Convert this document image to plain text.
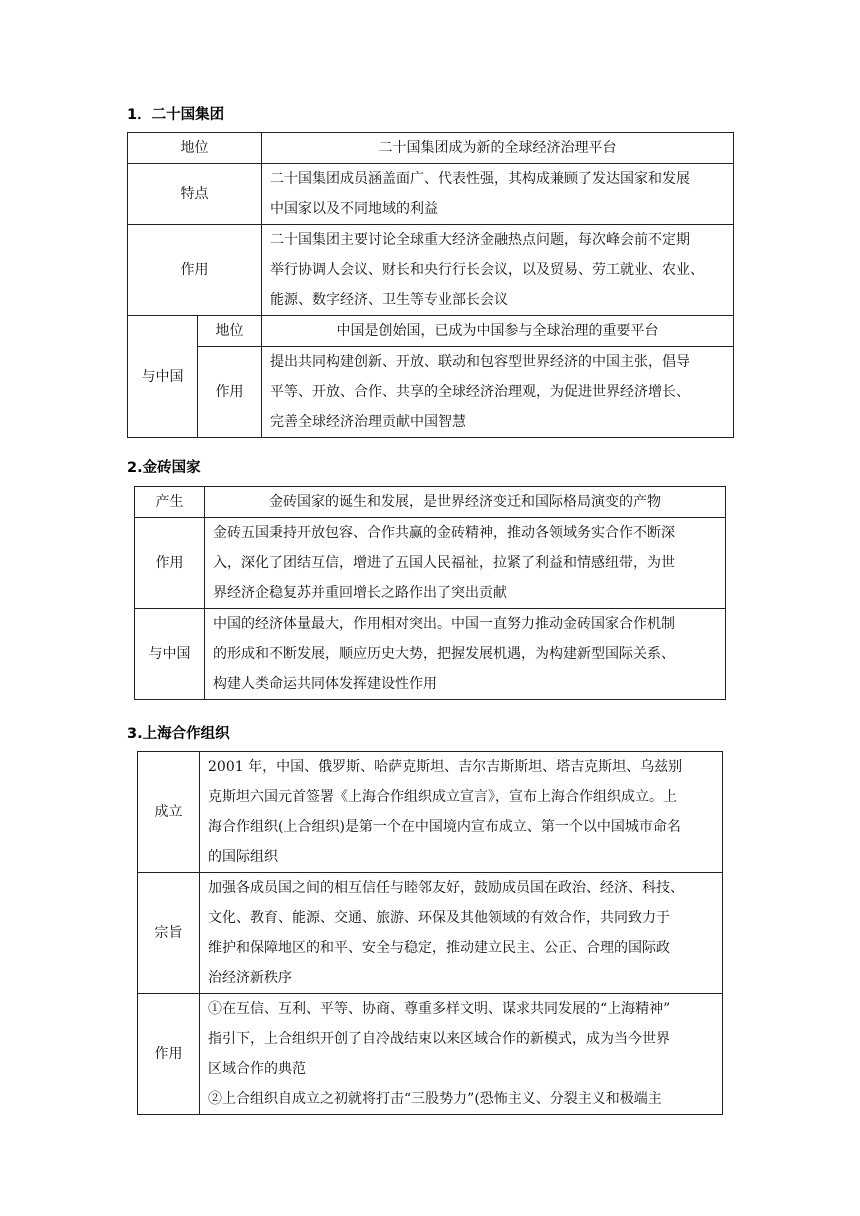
1．二十国集团
地位		二十国集团成为新的全球经济治理平台
特点		二十国集团成员涵盖面广、代表性强，其构成兼顾了发达国家和发展
中国家以及不同地域的利益

作用		二十国集团主要讨论全球重大经济金融热点问题，每次峰会前不定期
举行协调人会议、财长和央行行长会议，以及贸易、劳工就业、农业、
能源、数字经济、卫生等专业部长会议

与中国	地位	中国是创始国，已成为中国参与全球治理的重要平台
	作用	提出共同构建创新、开放、联动和包容型世界经济的中国主张，倡导
平等、开放、合作、共享的全球经济治理观，为促进世界经济增长、
完善全球经济治理贡献中国智慧
2.金砖国家
产生	金砖国家的诞生和发展，是世界经济变迁和国际格局演变的产物
作用	金砖五国秉持开放包容、合作共赢的金砖精神，推动各领域务实合作不断深
入，深化了团结互信，增进了五国人民福祉，拉紧了利益和情感纽带，为世
界经济企稳复苏并重回增长之路作出了突出贡献

与中国	中国的经济体量最大，作用相对突出。中国一直努力推动金砖国家合作机制
的形成和不断发展，顺应历史大势，把握发展机遇，为构建新型国际关系、
构建人类命运共同体发挥建设性作用
3.上海合作组织
成立	2001 年，中国、俄罗斯、哈萨克斯坦、吉尔吉斯斯坦、塔吉克斯坦、乌兹别
克斯坦六国元首签署《上海合作组织成立宣言》，宣布上海合作组织成立。上
海合作组织(上合组织)是第一个在中国境内宣布成立、第一个以中国城市命名
的国际组织

宗旨	加强各成员国之间的相互信任与睦邻友好，鼓励成员国在政治、经济、科技、
文化、教育、能源、交通、旅游、环保及其他领域的有效合作，共同致力于
维护和保障地区的和平、安全与稳定，推动建立民主、公正、合理的国际政
治经济新秩序

作用	①在互信、互利、平等、协商、尊重多样文明、谋求共同发展的“上海精神”
指引下，上合组织开创了自冷战结束以来区域合作的新模式，成为当今世界
区域合作的典范
②上合组织自成立之初就将打击“三股势力”(恐怖主义、分裂主义和极端主
